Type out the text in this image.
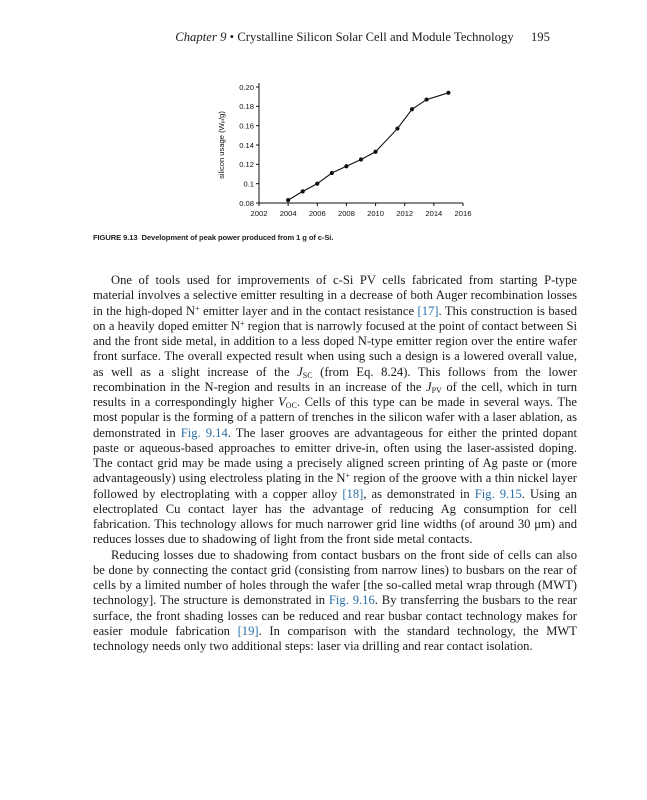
Chapter 9 • Crystalline Silicon Solar Cell and Module Technology 195
0.08
0.1
0.12
0.14
0.16
0.18
0.20
2002 2004 2006 2008 2010 2012 2014 2016
silicon usage (Wₚ/g)
FIGURE 9.13 Development of peak power produced from 1 g of c-Si.

One of tools used for improvements of c-Si PV cells fabricated from starting P-type material involves a selective emitter resulting in a decrease of both Auger recombination losses in the high-doped N+ emitter layer and in the contact resistance [17]. This construction is based on a heavily doped emitter N+ region that is narrowly focused at the point of contact between Si and the front side metal, in addition to a less doped N-type emitter region over the entire wafer front surface. The overall expected result when using such a design is a lowered overall value, as well as a slight increase of the $J_{SC}$ (from Eq. 8.24). This follows from the lower recombination in the N-region and results in an increase of the $J_{PV}$ of the cell, which in turn results in a correspondingly higher $V_{OC}$. Cells of this type can be made in several ways. The most popular is the forming of a pattern of trenches in the silicon wafer with a laser ablation, as demonstrated in Fig. 9.14. The laser grooves are advantageous for either the printed dopant paste or aqueous-based approaches to emitter drive-in, often using the laser-assisted doping. The contact grid may be made using a precisely aligned screen printing of Ag paste or (more advantageously) using electroless plating in the N+ region of the groove with a thin nickel layer followed by electroplating with a copper alloy [18], as demonstrated in Fig. 9.15. Using an electroplated Cu contact layer has the advantage of reducing Ag consumption for cell fabrication. This technology allows for much narrower grid line widths (of around 30 μm) and reduces losses due to shadowing of light from the front side metal contacts.

Reducing losses due to shadowing from contact busbars on the front side of cells can also be done by connecting the contact grid (consisting from narrow lines) to busbars on the rear of cells by a limited number of holes through the wafer [the so-called metal wrap through (MWT) technology]. The structure is demonstrated in Fig. 9.16. By transferring the busbars to the rear surface, the front shading losses can be reduced and rear busbar contact technology makes for easier module fabrication [19]. In comparison with the standard technology, the MWT technology needs only two additional steps: laser via drilling and rear contact isolation.
